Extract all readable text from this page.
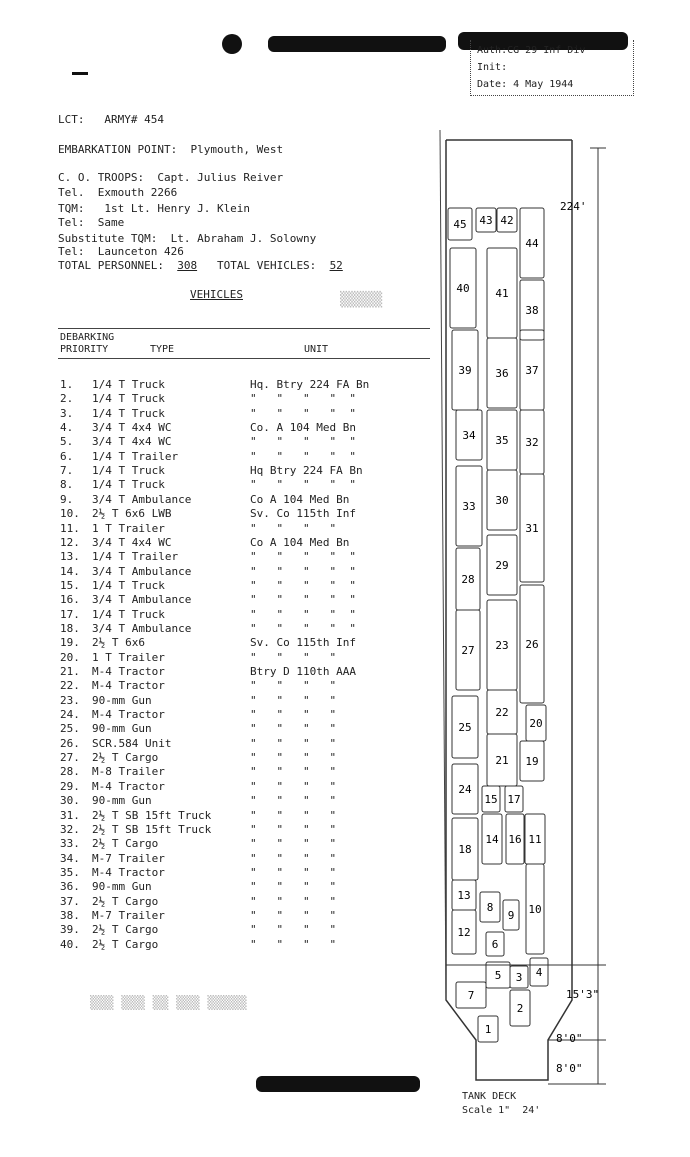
Auth:CG 29 Inf Div
Init:
Date: 4 May 1944
LCT:   ARMY# 454
EMBARKATION POINT:  Plymouth, West
C. O. TROOPS:  Capt. Julius Reiver
Tel.  Exmouth 2266
TQM:   1st Lt. Henry J. Klein
Tel:  Same
Substitute TQM:  Lt. Abraham J. Solowny
Tel:  Launceton 426
TOTAL PERSONNEL: 308 TOTAL VEHICLES: 52
VEHICLES	▒▒▒▒▒
DEBARKING
PRIORITY	TYPE	UNIT
1.	1/4 T Truck	Hq. Btry 224 FA Bn
2.	1/4 T Truck	"   "   "   "  "
3.	1/4 T Truck	"   "   "   "  "
4.	3/4 T 4x4 WC	Co. A 104 Med Bn
5.	3/4 T 4x4 WC	"   "   "   "  "
6.	1/4 T Trailer	"   "   "   "  "
7.	1/4 T Truck	Hq Btry 224 FA Bn
8.	1/4 T Truck	"   "   "   "  "
9.	3/4 T Ambulance	Co A 104 Med Bn
10.	2½ T 6x6 LWB	Sv. Co 115th Inf
11.	1 T Trailer	"   "   "   "
12.	3/4 T 4x4 WC	Co A 104 Med Bn
13.	1/4 T Trailer	"   "   "   "  "
14.	3/4 T Ambulance	"   "   "   "  "
15.	1/4 T Truck	"   "   "   "  "
16.	3/4 T Ambulance	"   "   "   "  "
17.	1/4 T Truck	"   "   "   "  "
18.	3/4 T Ambulance	"   "   "   "  "
19.	2½ T 6x6	Sv. Co 115th Inf
20.	1 T Trailer	"   "   "   "
21.	M-4 Tractor	Btry D 110th AAA
22.	M-4 Tractor	"   "   "   "
23.	90-mm Gun	"   "   "   "
24.	M-4 Tractor	"   "   "   "
25.	90-mm Gun	"   "   "   "
26.	SCR.584 Unit	"   "   "   "
27.	2½ T Cargo	"   "   "   "
28.	M-8 Trailer	"   "   "   "
29.	M-4 Tractor	"   "   "   "
30.	90-mm Gun	"   "   "   "
31.	2½ T SB 15ft Truck	"   "   "   "
32.	2½ T SB 15ft Truck	"   "   "   "
33.	2½ T Cargo	"   "   "   "
34.	M-7 Trailer	"   "   "   "
35.	M-4 Tractor	"   "   "   "
36.	90-mm Gun	"   "   "   "
37.	2½ T Cargo	"   "   "   "
38.	M-7 Trailer	"   "   "   "
39.	2½ T Cargo	"   "   "   "
40.	2½ T Cargo	"   "   "   "
▒▒▒ ▒▒▒ ▒▒ ▒▒▒ ▒▒▒▒▒
224'
15'3"
8'0"
8'0"
45 43 42
44
40 41
38
39 36 37
34 35 32
33 30
31
28
29
27 23 26
22
25
21
20
19
24
15 17
18
14 16 11
13
8
9 10
12
6
5 3 4
7
2
1
TANK DECK
Scale 1"  24'
